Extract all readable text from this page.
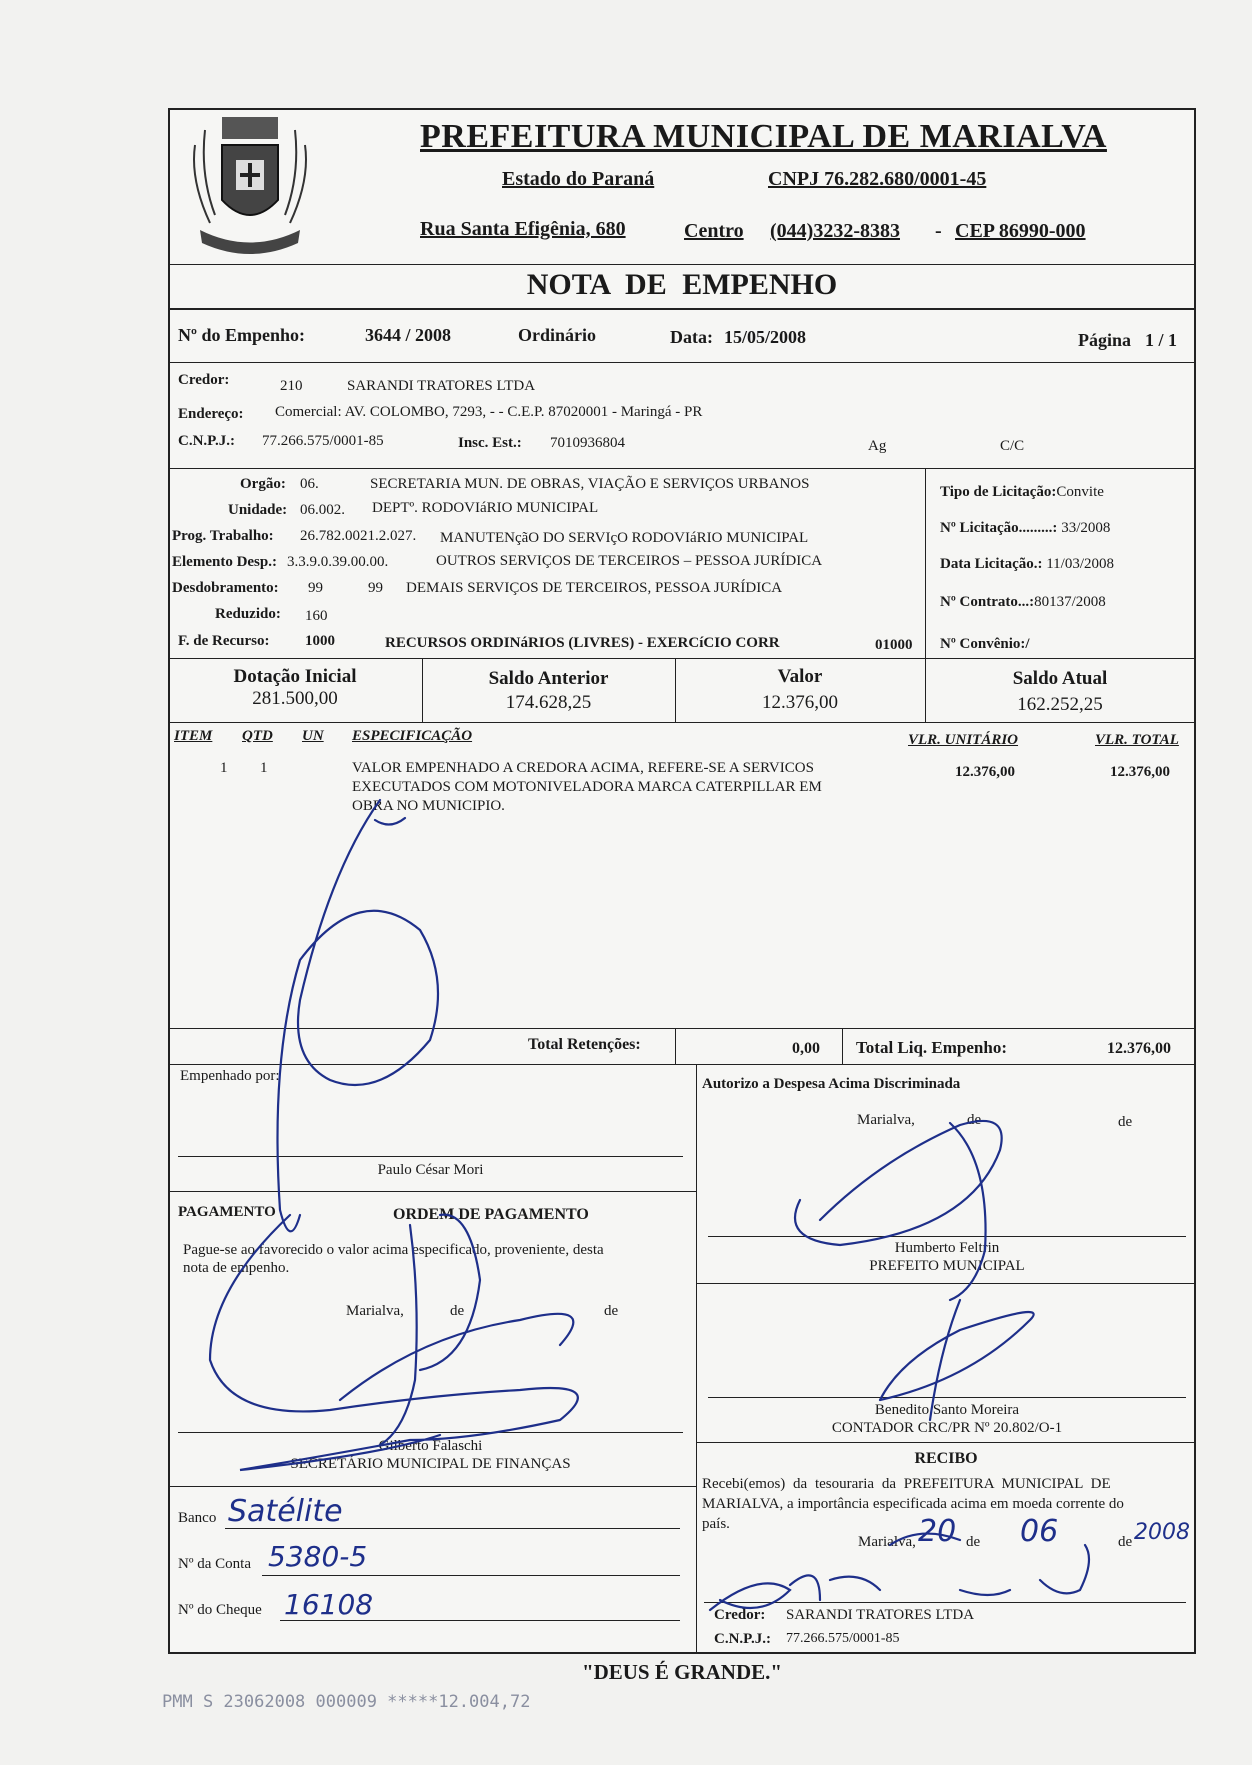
PREFEITURA MUNICIPAL DE MARIALVA
Estado do Paraná	CNPJ 76.282.680/0001-45
Rua Santa Efigênia, 680	Centro (044)3232-8383 - CEP 86990-000
NOTA DE EMPENHO
Nº do Empenho:	3644 / 2008	Ordinário	Data: 15/05/2008	Página 1 / 1
Credor:	210	SARANDI TRATORES LTDA
Endereço: Comercial: AV. COLOMBO, 7293, - - C.E.P. 87020001 - Maringá - PR
C.N.P.J.: 77.266.575/0001-85	Insc. Est.: 7010936804	Ag	C/C
Orgão: 06.	SECRETARIA MUN. DE OBRAS, VIAÇÃO E SERVIÇOS URBANOS
Unidade: 06.002. DEPTº. RODOVIáRIO MUNICIPAL
Prog. Trabalho: 26.782.0021.2.027. MANUTENçãO DO SERVIçO RODOVIáRIO MUNICIPAL
Elemento Desp.: 3.3.9.0.39.00.00.	OUTROS SERVIÇOS DE TERCEIROS – PESSOA JURÍDICA
Desdobramento: 99	99 DEMAIS SERVIÇOS DE TERCEIROS, PESSOA JURÍDICA
Reduzido: 160
F. de Recurso: 1000	RECURSOS ORDINáRIOS (LIVRES) - EXERCíCIO CORR	01000
Tipo de Licitação:Convite
Nº Licitação.........: 33/2008
Data Licitação.: 11/03/2008
Nº Contrato...:80137/2008
Nº Convênio:/
Dotação Inicial
281.500,00
Saldo Anterior
174.628,25
Valor
12.376,00
Saldo Atual
162.252,25
ITEM QTD UN ESPECIFICAÇÃO	VLR. UNITÁRIO	VLR. TOTAL
1 1	VALOR EMPENHADO A CREDORA ACIMA, REFERE-SE A SERVICOS
EXECUTADOS COM MOTONIVELADORA MARCA CATERPILLAR EM
OBRA NO MUNICIPIO.
12.376,00	12.376,00
Total Retenções:	0,00 Total Liq. Empenho:	12.376,00
Empenhado por:
Paulo César Mori
PAGAMENTO	ORDEM DE PAGAMENTO
Pague-se ao favorecido o valor acima especificado, proveniente, desta
nota de empenho.
Marialva,	de	de
Gilberto Falaschi
SECRETÁRIO MUNICIPAL DE FINANÇAS
Banco Satélite
Nº da Conta 5380-5
Nº do Cheque 16108
Autorizo a Despesa Acima Discriminada
Marialva,	de	de
Humberto Feltrin
PREFEITO MUNICIPAL
Benedito Santo Moreira
CONTADOR CRC/PR Nº 20.802/O-1
RECIBO
Recebi(emos) da tesouraria da PREFEITURA MUNICIPAL DE
MARIALVA, a importância especificada acima em moeda corrente do
país.
Marialva, 20 de 06	de 2008
Credor: SARANDI TRATORES LTDA
C.N.P.J.: 77.266.575/0001-85
"DEUS É GRANDE."
PMM S 23062008 000009 *****12.004,72
